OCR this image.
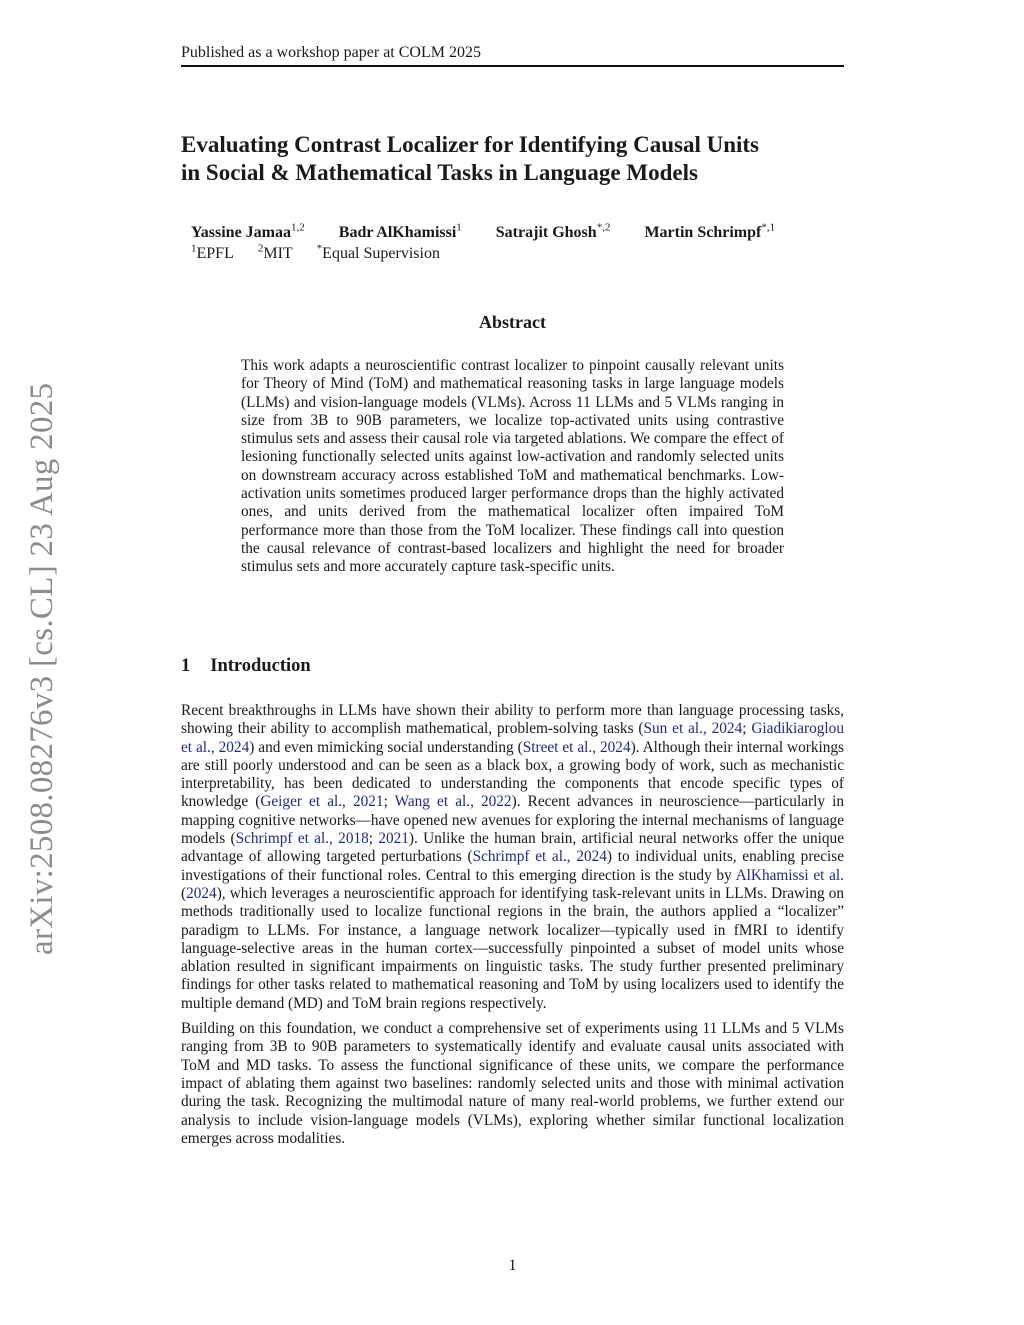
Published as a workshop paper at COLM 2025
arXiv:2508.08276v3 [cs.CL] 23 Aug 2025
Evaluating Contrast Localizer for Identifying Causal Units
in Social & Mathematical Tasks in Language Models
Yassine Jamaa$^{1,2}$ Badr AlKhamissi$^1$ Satrajit Ghosh$^{*,2}$ Martin Schrimpf$^{*,1}$
$^1$EPFL $^2$MIT *Equal Supervision
Abstract
This work adapts a neuroscientific contrast localizer to pinpoint causally relevant units for Theory of Mind (ToM) and mathematical reasoning tasks in large language models (LLMs) and vision-language models (VLMs). Across 11 LLMs and 5 VLMs ranging in size from 3B to 90B parameters, we localize top-activated units using contrastive stimulus sets and assess their causal role via targeted ablations. We compare the effect of lesioning functionally selected units against low-activation and randomly selected units on downstream accuracy across established ToM and mathematical benchmarks. Low-activation units sometimes produced larger performance drops than the highly activated ones, and units derived from the mathematical localizer often impaired ToM performance more than those from the ToM localizer. These findings call into question the causal relevance of contrast-based localizers and highlight the need for broader stimulus sets and more accurately capture task-specific units.
1 Introduction

Recent breakthroughs in LLMs have shown their ability to perform more than language processing tasks, showing their ability to accomplish mathematical, problem-solving tasks (Sun et al., 2024; Giadikiaroglou et al., 2024) and even mimicking social understanding (Street et al., 2024). Although their internal workings are still poorly understood and can be seen as a black box, a growing body of work, such as mechanistic interpretability, has been dedicated to understanding the components that encode specific types of knowledge (Geiger et al., 2021; Wang et al., 2022). Recent advances in neuroscience—particularly in mapping cognitive networks—have opened new avenues for exploring the internal mechanisms of language models (Schrimpf et al., 2018; 2021). Unlike the human brain, artificial neural networks offer the unique advantage of allowing targeted perturbations (Schrimpf et al., 2024) to individual units, enabling precise investigations of their functional roles. Central to this emerging direction is the study by AlKhamissi et al. (2024), which leverages a neuroscientific approach for identifying task-relevant units in LLMs. Drawing on methods traditionally used to localize functional regions in the brain, the authors applied a “localizer” paradigm to LLMs. For instance, a language network localizer—typically used in fMRI to identify language-selective areas in the human cortex—successfully pinpointed a subset of model units whose ablation resulted in significant impairments on linguistic tasks. The study further presented preliminary findings for other tasks related to mathematical reasoning and ToM by using localizers used to identify the multiple demand (MD) and ToM brain regions respectively.

Building on this foundation, we conduct a comprehensive set of experiments using 11 LLMs and 5 VLMs ranging from 3B to 90B parameters to systematically identify and evaluate causal units associated with ToM and MD tasks. To assess the functional significance of these units, we compare the performance impact of ablating them against two baselines: randomly selected units and those with minimal activation during the task. Recognizing the multimodal nature of many real-world problems, we further extend our analysis to include vision-language models (VLMs), exploring whether similar functional localization emerges across modalities.

1
